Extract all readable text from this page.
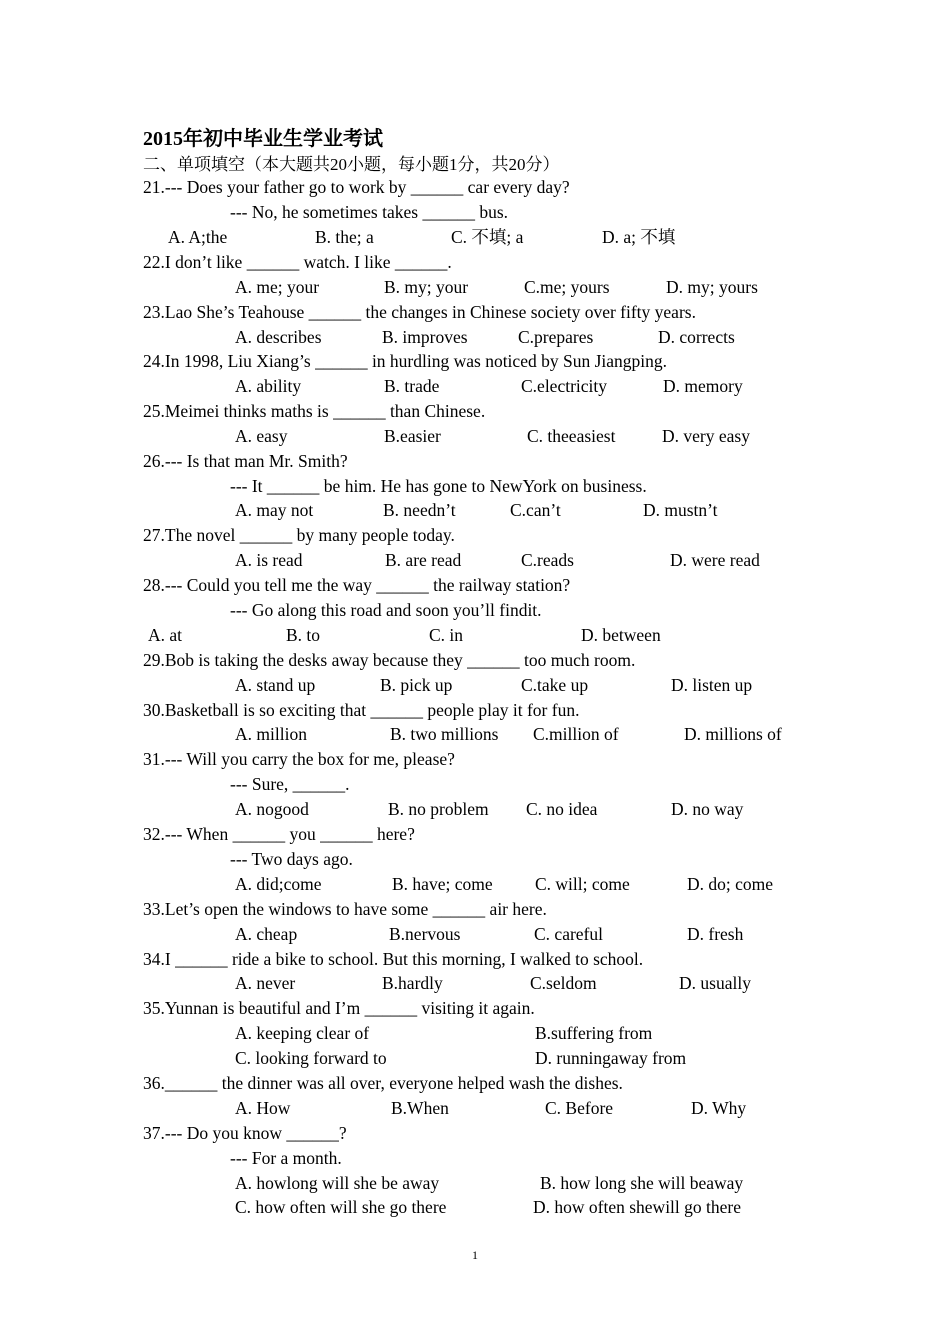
2015年初中毕业生学业考试
二、单项填空（本大题共20小题，每小题1分，共20分）
21.--- Does your father go to work by ______ car every day?
--- No, he sometimes takes ______ bus.
A. A;the	B. the; a	C. 不填; a	D. a; 不填
22.I don’t like ______ watch. I like ______.
A. me; your	B. my; your	C.me; yours	D. my; yours
23.Lao She’s Teahouse ______ the changes in Chinese society over fifty years.
A. describes	B. improves	C.prepares	D. corrects
24.In 1998, Liu Xiang’s ______ in hurdling was noticed by Sun Jiangping.
A. ability	B. trade	C.electricity	D. memory
25.Meimei thinks maths is ______ than Chinese.
A. easy	B.easier	C. theeasiest	D. very easy
26.--- Is that man Mr. Smith?
--- It ______ be him. He has gone to NewYork on business.
A. may not	B. needn’t	C.can’t	D. mustn’t
27.The novel ______ by many people today.
A. is read	B. are read	C.reads	D. were read
28.--- Could you tell me the way ______ the railway station?
--- Go along this road and soon you’ll findit.
A. at	B. to	C. in	D. between
29.Bob is taking the desks away because they ______ too much room.
A. stand up	B. pick up	C.take up	D. listen up
30.Basketball is so exciting that ______ people play it for fun.
A. million	B. two millions C.million of	D. millions of
31.--- Will you carry the box for me, please?
--- Sure, ______.
A. nogood	B. no problem C. no idea	D. no way
32.--- When ______ you ______ here?
--- Two days ago.
A. did;come	B. have; come C. will; come	D. do; come
33.Let’s open the windows to have some ______ air here.
A. cheap	B.nervous	C. careful	D. fresh
34.I ______ ride a bike to school. But this morning, I walked to school.
A. never	B.hardly	C.seldom	D. usually
35.Yunnan is beautiful and I’m ______ visiting it again.
A. keeping clear of	B.suffering from
C. looking forward to	D. runningaway from
36.______ the dinner was all over, everyone helped wash the dishes.
A. How	B.When	C. Before	D. Why
37.--- Do you know ______?
--- For a month.
A. howlong will she be away	B. how long she will beaway
C. how often will she go there	D. how often shewill go there
1
